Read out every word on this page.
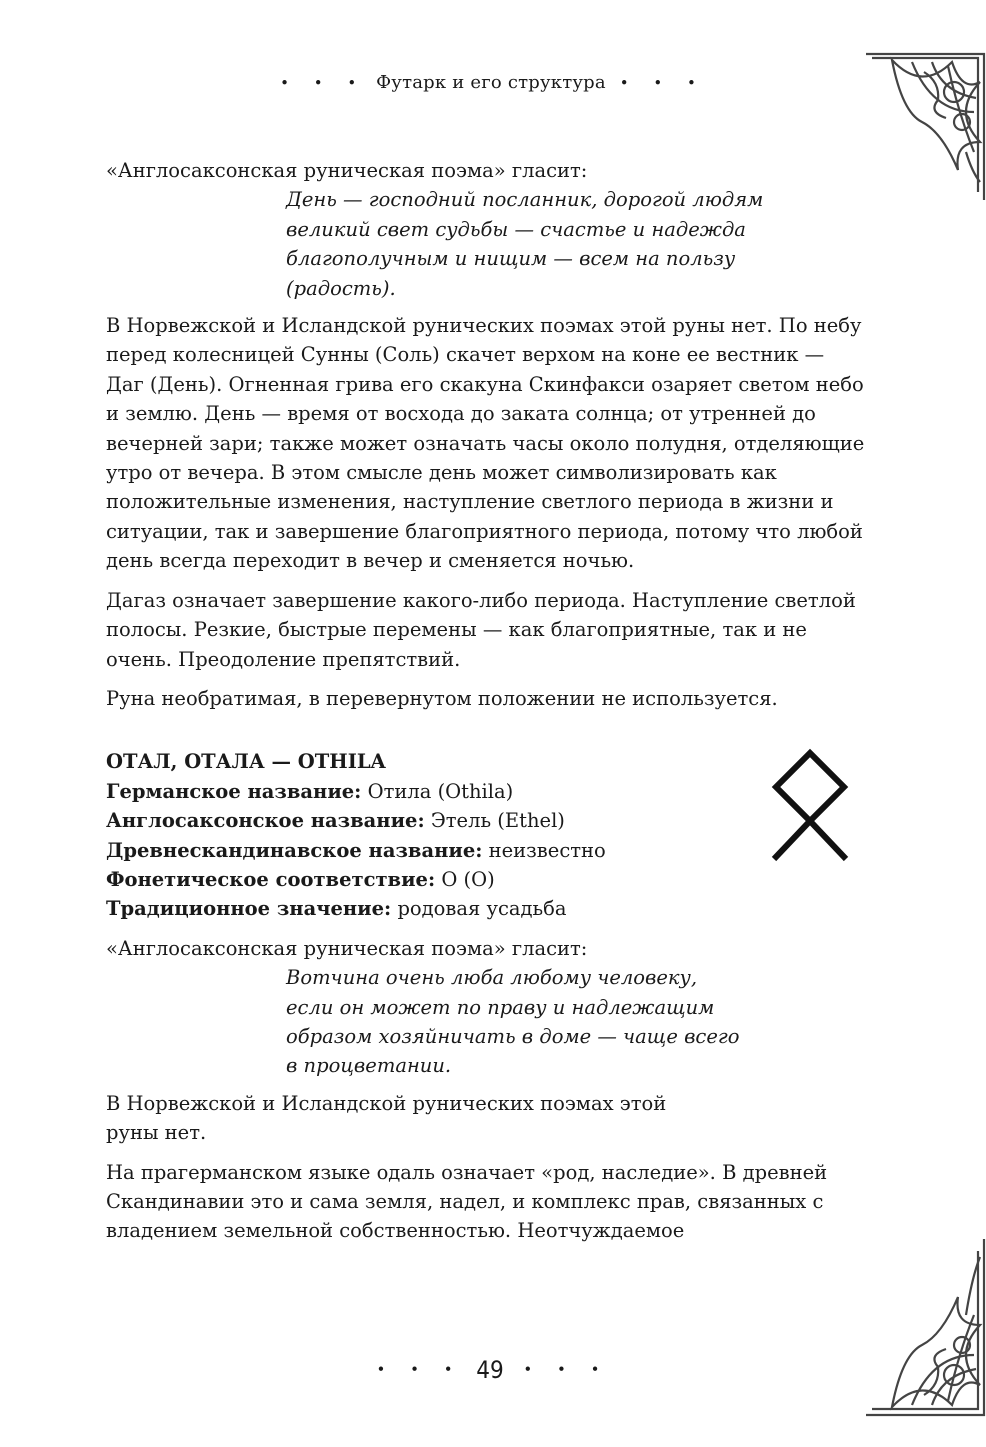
• • • Футарк и его структура • • •

«Англосаксонская руническая поэма» гласит:

День — господний посланник, дорогой людям
великий свет судьбы — счастье и надежда
благополучным и нищим — всем на пользу
(радость).

В Норвежской и Исландской рунических поэмах этой руны нет. По небу перед колесницей Сунны (Соль) скачет верхом на коне ее вестник — Даг (День). Огненная грива его скакуна Скинфакси озаряет светом небо и землю. День — время от восхода до заката солнца; от утренней до вечерней зари; также может означать часы около полудня, отделяющие утро от вечера. В этом смысле день может символизировать как положительные изменения, наступление светлого периода в жизни и ситуации, так и завершение благоприятного периода, потому что любой день всегда переходит в вечер и сменяется ночью.

Дагаз означает завершение какого-либо периода. Наступление светлой полосы. Резкие, быстрые перемены — как благоприятные, так и не очень. Преодоление препятствий.

Руна необратимая, в перевернутом положении не используется.

ОТАЛ, ОТАЛА — OTHILA

Германское название: Отила (Othila)

Англосаксонское название: Этель (Ethel)

Древнескандинавское название: неизвестно

Фонетическое соответствие: О (О)

Традиционное значение: родовая усадьба

«Англосаксонская руническая поэма» гласит:

Вотчина очень люба любому человеку,
если он может по праву и надлежащим
образом хозяйничать в доме — чаще всего
в процветании.

В Норвежской и Исландской рунических поэмах этой
руны нет.

На прагерманском языке одаль означает «род, наследие». В древней Скандинавии это и сама земля, надел, и комплекс прав, связанных с владением земельной собственностью. Неотчуждаемое

• • • 49 • • •
